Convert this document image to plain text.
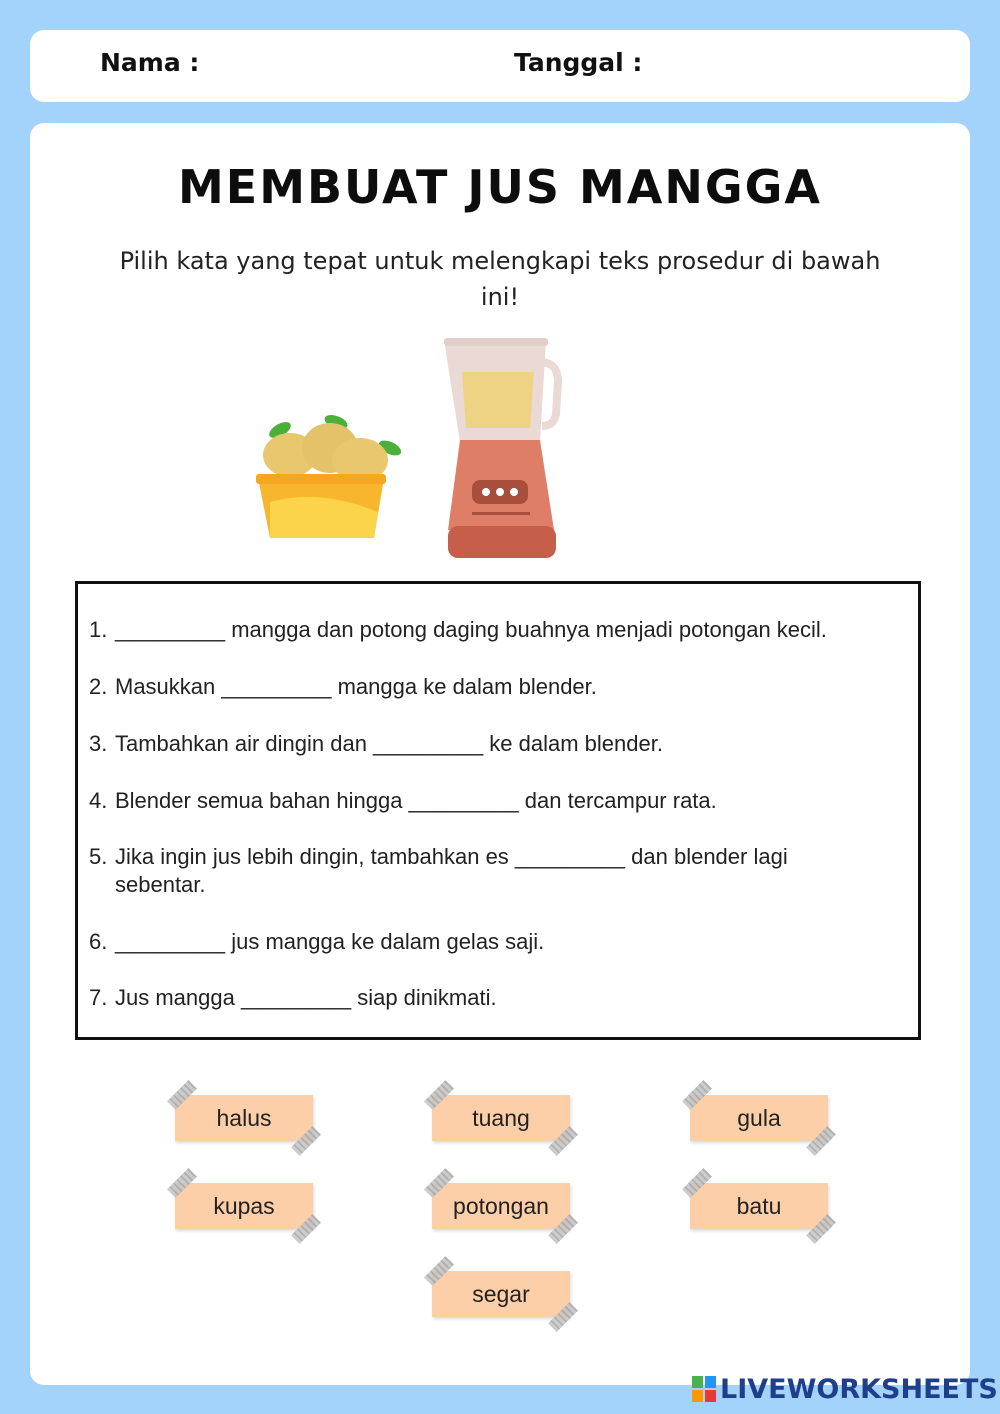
Nama :	Tanggal :
MEMBUAT JUS MANGGA
Pilih kata yang tepat untuk melengkapi teks prosedur di bawah ini!
1. _________ mangga dan potong daging buahnya menjadi potongan kecil.
2. Masukkan _________ mangga ke dalam blender.
3. Tambahkan air dingin dan _________ ke dalam blender.
4. Blender semua bahan hingga _________ dan tercampur rata.
5. Jika ingin jus lebih dingin, tambahkan es _________ dan blender lagi
sebentar.
6. _________ jus mangga ke dalam gelas saji.
7. Jus mangga _________ siap dinikmati.
halus	tuang	gula
kupas	potongan	batu
segar
LIVEWORKSHEETS
